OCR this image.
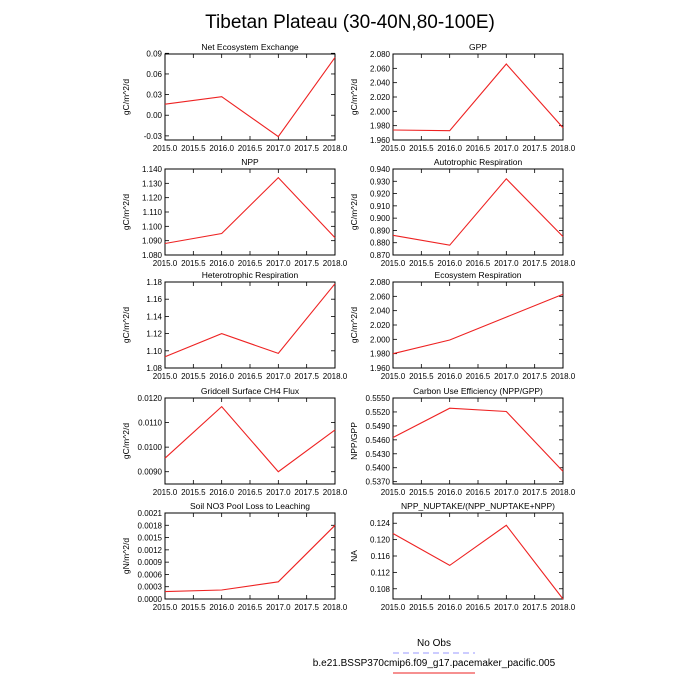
Tibetan Plateau (30-40N,80-100E)
Net Ecosystem Exchange
gC/m^2/d
-0.03
0.00
0.03
0.06
0.09
2015.0 2015.5 2016.0 2016.5 2017.0 2017.5 2018.0
GPP
gC/m^2/d
1.960
1.980
2.000
2.020
2.040
2.060
2.080
2015.0 2015.5 2016.0 2016.5 2017.0 2017.5 2018.0
NPP
gC/m^2/d
1.080
1.090
1.100
1.110
1.120
1.130
1.140
2015.0 2015.5 2016.0 2016.5 2017.0 2017.5 2018.0
Autotrophic Respiration
gC/m^2/d
0.870
0.880
0.890
0.900
0.910
0.920
0.930
0.940
2015.0 2015.5 2016.0 2016.5 2017.0 2017.5 2018.0
Heterotrophic Respiration
gC/m^2/d
1.08
1.10
1.12
1.14
1.16
1.18
2015.0 2015.5 2016.0 2016.5 2017.0 2017.5 2018.0
Ecosystem Respiration
gC/m^2/d
1.960
1.980
2.000
2.020
2.040
2.060
2.080
2015.0 2015.5 2016.0 2016.5 2017.0 2017.5 2018.0
Gridcell Surface CH4 Flux
gC/m^2/d
0.0090
0.0100
0.0110
0.0120
2015.0 2015.5 2016.0 2016.5 2017.0 2017.5 2018.0
Carbon Use Efficiency (NPP/GPP)
NPP/GPP
0.5370
0.5400
0.5430
0.5460
0.5490
0.5520
0.5550
2015.0 2015.5 2016.0 2016.5 2017.0 2017.5 2018.0
Soil NO3 Pool Loss to Leaching
gN/m^2/d
0.0000
0.0003
0.0006
0.0009
0.0012
0.0015
0.0018
0.0021
2015.0 2015.5 2016.0 2016.5 2017.0 2017.5 2018.0
NPP_NUPTAKE/(NPP_NUPTAKE+NPP)
NA
0.108
0.112
0.116
0.120
0.124
2015.0 2015.5 2016.0 2016.5 2017.0 2017.5 2018.0
No Obs
b.e21.BSSP370cmip6.f09_g17.pacemaker_pacific.005
